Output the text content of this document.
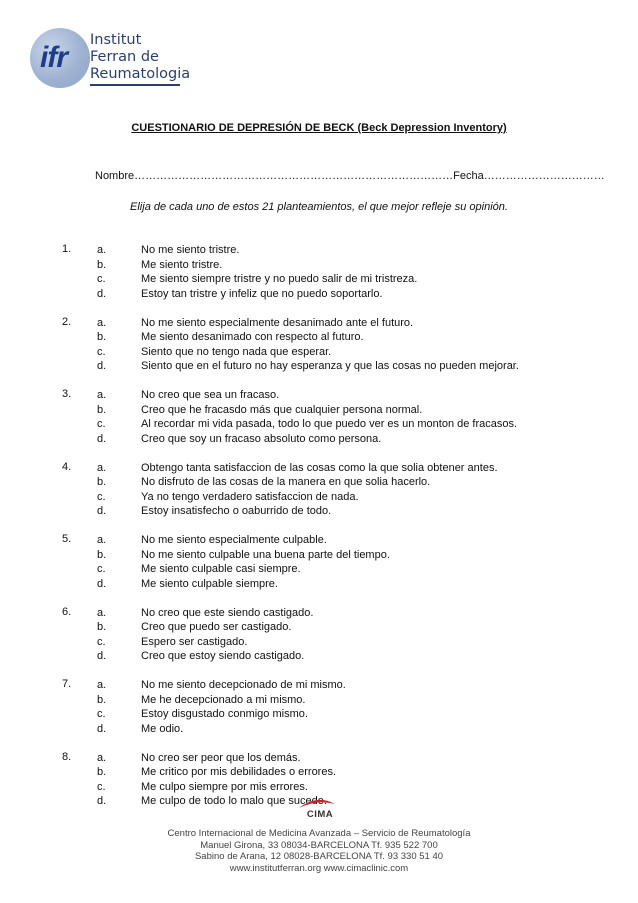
ifr
Institut
Ferran de
Reumatologia
CUESTIONARIO DE DEPRESIÓN DE BECK (Beck Depression Inventory)
Nombre……………………………………………………………………………Fecha……………………………
Elija de cada uno de estos 21 planteamientos, el que mejor refleje su opinión.
1. a.	No me siento tristre.
b.	Me siento tristre.
c.	Me siento siempre tristre y no puedo salir de mi tristreza.
d.	Estoy tan tristre y infeliz que no puedo soportarlo.
2. a.	No me siento especialmente desanimado ante el futuro.
b.	Me siento desanimado con respecto al futuro.
c.	Siento que no tengo nada que esperar.
d.	Siento que en el futuro no hay esperanza y que las cosas no pueden mejorar.
3. a.	No creo que sea un fracaso.
b.	Creo que he fracasdo más que cualquier persona normal.
c.	Al recordar mi vida pasada, todo lo que puedo ver es un monton de fracasos.
d.	Creo que soy un fracaso absoluto como persona.
4. a.	Obtengo tanta satisfaccion de las cosas como la que solia obtener antes.
b.	No disfruto de las cosas de la manera en que solia hacerlo.
c.	Ya no tengo verdadero satisfaccion de nada.
d.	Estoy insatisfecho o oaburrido de todo.
5. a.	No me siento especialmente culpable.
b.	No me siento culpable una buena parte del tiempo.
c.	Me siento culpable casi siempre.
d.	Me siento culpable siempre.
6. a.	No creo que este siendo castigado.
b.	Creo que puedo ser castigado.
c.	Espero ser castigado.
d.	Creo que estoy siendo castigado.
7. a.	No me siento decepcionado de mi mismo.
b.	Me he decepcionado a mi mismo.
c.	Estoy disgustado conmigo mismo.
d.	Me odio.
8. a.	No creo ser peor que los demás.
b.	Me critico por mis debilidades o errores.
c.	Me culpo siempre por mis errores.
d.	Me culpo de todo lo malo que sucede.
CIMA
Centro Internacional de Medicina Avanzada – Servicio de Reumatología
Manuel Girona, 33 08034-BARCELONA Tf. 935 522 700
Sabino de Arana, 12 08028-BARCELONA Tf. 93 330 51 40
www.institutferran.org www.cimaclinic.com
